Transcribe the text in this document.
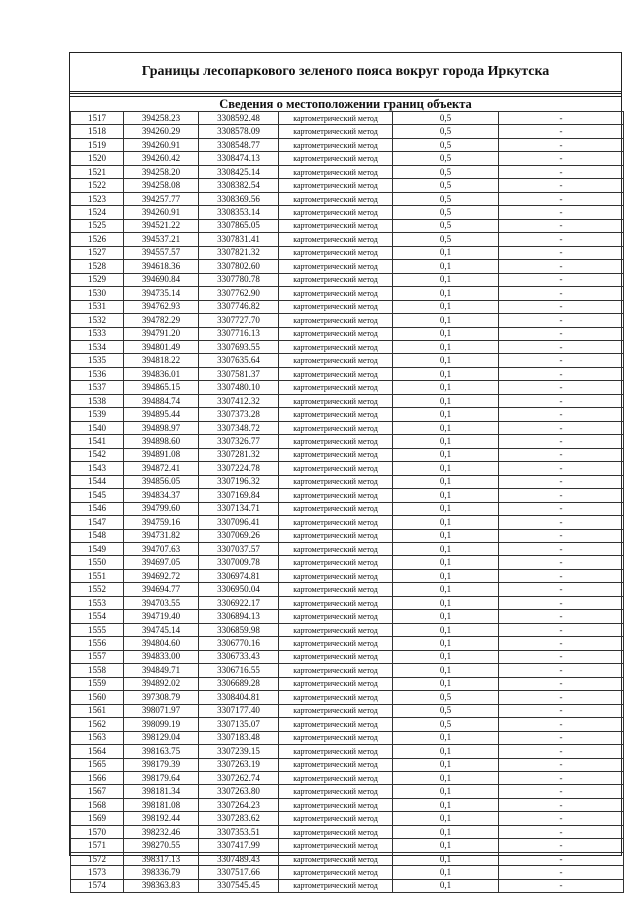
Границы лесопаркового зеленого пояса вокруг города Иркутска
Сведения о местоположении границ объекта
1517	394258.23	3308592.48	картометрический метод	0,5	-
1518	394260.29	3308578.09	картометрический метод	0,5	-
1519	394260.91	3308548.77	картометрический метод	0,5	-
1520	394260.42	3308474.13	картометрический метод	0,5	-
1521	394258.20	3308425.14	картометрический метод	0,5	-
1522	394258.08	3308382.54	картометрический метод	0,5	-
1523	394257.77	3308369.56	картометрический метод	0,5	-
1524	394260.91	3308353.14	картометрический метод	0,5	-
1525	394521.22	3307865.05	картометрический метод	0,5	-
1526	394537.21	3307831.41	картометрический метод	0,5	-
1527	394557.57	3307821.32	картометрический метод	0,1	-
1528	394618.36	3307802.60	картометрический метод	0,1	-
1529	394690.84	3307780.78	картометрический метод	0,1	-
1530	394735.14	3307762.90	картометрический метод	0,1	-
1531	394762.93	3307746.82	картометрический метод	0,1	-
1532	394782.29	3307727.70	картометрический метод	0,1	-
1533	394791.20	3307716.13	картометрический метод	0,1	-
1534	394801.49	3307693.55	картометрический метод	0,1	-
1535	394818.22	3307635.64	картометрический метод	0,1	-
1536	394836.01	3307581.37	картометрический метод	0,1	-
1537	394865.15	3307480.10	картометрический метод	0,1	-
1538	394884.74	3307412.32	картометрический метод	0,1	-
1539	394895.44	3307373.28	картометрический метод	0,1	-
1540	394898.97	3307348.72	картометрический метод	0,1	-
1541	394898.60	3307326.77	картометрический метод	0,1	-
1542	394891.08	3307281.32	картометрический метод	0,1	-
1543	394872.41	3307224.78	картометрический метод	0,1	-
1544	394856.05	3307196.32	картометрический метод	0,1	-
1545	394834.37	3307169.84	картометрический метод	0,1	-
1546	394799.60	3307134.71	картометрический метод	0,1	-
1547	394759.16	3307096.41	картометрический метод	0,1	-
1548	394731.82	3307069.26	картометрический метод	0,1	-
1549	394707.63	3307037.57	картометрический метод	0,1	-
1550	394697.05	3307009.78	картометрический метод	0,1	-
1551	394692.72	3306974.81	картометрический метод	0,1	-
1552	394694.77	3306950.04	картометрический метод	0,1	-
1553	394703.55	3306922.17	картометрический метод	0,1	-
1554	394719.40	3306894.13	картометрический метод	0,1	-
1555	394745.14	3306859.98	картометрический метод	0,1	-
1556	394804.60	3306770.16	картометрический метод	0,1	-
1557	394833.00	3306733.43	картометрический метод	0,1	-
1558	394849.71	3306716.55	картометрический метод	0,1	-
1559	394892.02	3306689.28	картометрический метод	0,1	-
1560	397308.79	3308404.81	картометрический метод	0,5	-
1561	398071.97	3307177.40	картометрический метод	0,5	-
1562	398099.19	3307135.07	картометрический метод	0,5	-
1563	398129.04	3307183.48	картометрический метод	0,1	-
1564	398163.75	3307239.15	картометрический метод	0,1	-
1565	398179.39	3307263.19	картометрический метод	0,1	-
1566	398179.64	3307262.74	картометрический метод	0,1	-
1567	398181.34	3307263.80	картометрический метод	0,1	-
1568	398181.08	3307264.23	картометрический метод	0,1	-
1569	398192.44	3307283.62	картометрический метод	0,1	-
1570	398232.46	3307353.51	картометрический метод	0,1	-
1571	398270.55	3307417.99	картометрический метод	0,1	-
1572	398317.13	3307489.43	картометрический метод	0,1	-
1573	398336.79	3307517.66	картометрический метод	0,1	-
1574	398363.83	3307545.45	картометрический метод	0,1	-
